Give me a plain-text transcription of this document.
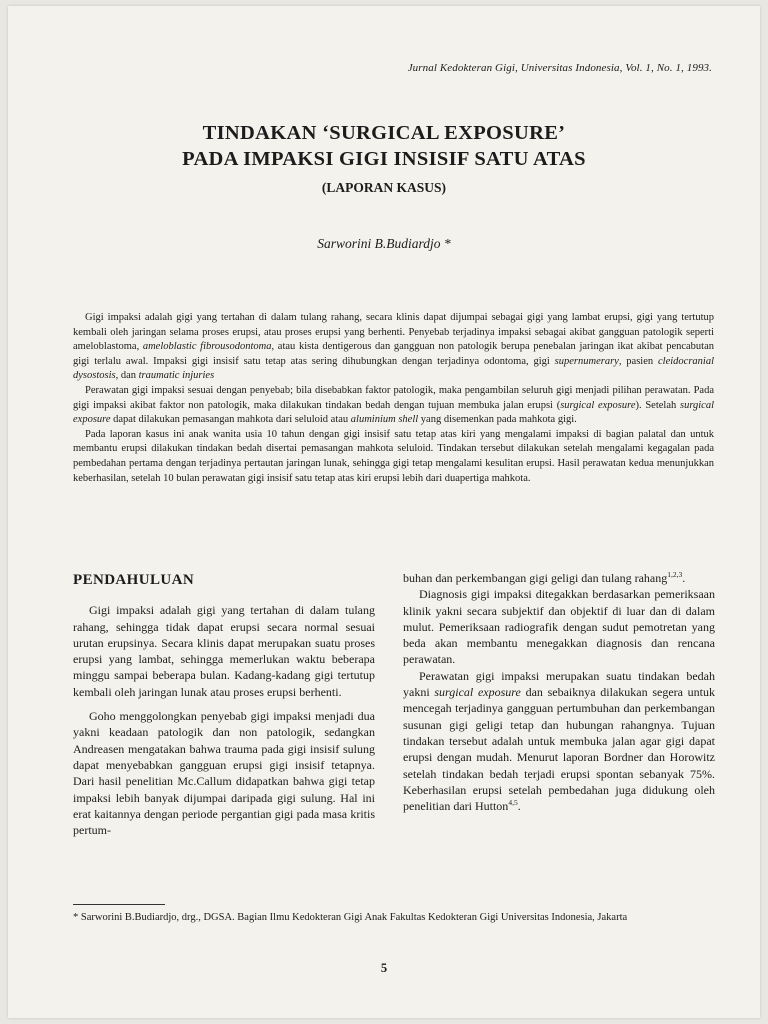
Jurnal Kedokteran Gigi, Universitas Indonesia, Vol. 1, No. 1, 1993.
TINDAKAN ‘SURGICAL EXPOSURE’
PADA IMPAKSI GIGI INSISIF SATU ATAS
(LAPORAN KASUS)
Sarworini B.Budiardjo *

Gigi impaksi adalah gigi yang tertahan di dalam tulang rahang, secara klinis dapat dijumpai sebagai gigi yang lambat erupsi, gigi yang tertutup kembali oleh jaringan selama proses erupsi, atau proses erupsi yang berhenti. Penyebab terjadinya impaksi sebagai akibat gangguan patologik seperti ameloblastoma, ameloblastic fibrousodontoma, atau kista dentigerous dan gangguan non patologik berupa penebalan jaringan ikat akibat pencabutan gigi terlalu awal. Impaksi gigi insisif satu tetap atas sering dihubungkan dengan terjadinya odontoma, gigi supernumerary, pasien cleidocranial dysostosis, dan traumatic injuries

Perawatan gigi impaksi sesuai dengan penyebab; bila disebabkan faktor patologik, maka pengambilan seluruh gigi menjadi pilihan perawatan. Pada gigi impaksi akibat faktor non patologik, maka dilakukan tindakan bedah dengan tujuan membuka jalan erupsi (surgical exposure). Setelah surgical exposure dapat dilakukan pemasangan mahkota dari seluloid atau aluminium shell yang disemenkan pada mahkota gigi.

Pada laporan kasus ini anak wanita usia 10 tahun dengan gigi insisif satu tetap atas kiri yang mengalami impaksi di bagian palatal dan untuk membantu erupsi dilakukan tindakan bedah disertai pemasangan mahkota seluloid. Tindakan tersebut dilakukan setelah mengalami kegagalan pada pembedahan pertama dengan terjadinya pertautan jaringan lunak, sehingga gigi tetap mengalami kesulitan erupsi. Hasil perawatan kedua menunjukkan keberhasilan, setelah 10 bulan perawatan gigi insisif satu tetap atas kiri erupsi lebih dari duapertiga mahkota.

PENDAHULUAN

Gigi impaksi adalah gigi yang tertahan di dalam tulang rahang, sehingga tidak dapat erupsi secara normal sesuai urutan erupsinya. Secara klinis dapat merupakan suatu proses erupsi yang lambat, sehingga memerlukan waktu beberapa minggu sampai beberapa bulan. Kadang-kadang gigi tertutup kembali oleh jaringan lunak atau proses erupsi berhenti.

Goho menggolongkan penyebab gigi impaksi menjadi dua yakni keadaan patologik dan non patologik, sedangkan Andreasen mengatakan bahwa trauma pada gigi insisif sulung dapat menyebabkan gangguan erupsi gigi insisif tetapnya. Dari hasil penelitian Mc.Callum didapatkan bahwa gigi tetap impaksi lebih banyak dijumpai daripada gigi sulung. Hal ini erat kaitannya dengan periode pergantian gigi pada masa kritis pertum-

buhan dan perkembangan gigi geligi dan tulang rahang$^{1,2,3}$.

Diagnosis gigi impaksi ditegakkan berdasarkan pemeriksaan klinik yakni secara subjektif dan objektif di luar dan di dalam mulut. Pemeriksaan radiografik dengan sudut pemotretan yang beda akan membantu menegakkan diagnosis dan rencana perawatan.

Perawatan gigi impaksi merupakan suatu tindakan bedah yakni surgical exposure dan sebaiknya dilakukan segera untuk mencegah terjadinya gangguan pertumbuhan dan perkembangan susunan gigi geligi tetap dan hubungan rahangnya. Tujuan tindakan tersebut adalah untuk membuka jalan agar gigi dapat erupsi dengan mudah. Menurut laporan Bordner dan Horowitz setelah tindakan bedah terjadi erupsi spontan sebanyak 75%. Keberhasilan erupsi setelah pembedahan juga didukung oleh penelitian dari Hutton$^{4,5}$.

* Sarworini B.Budiardjo, drg., DGSA. Bagian Ilmu Kedokteran Gigi Anak Fakultas Kedokteran Gigi Universitas Indonesia, Jakarta
5
